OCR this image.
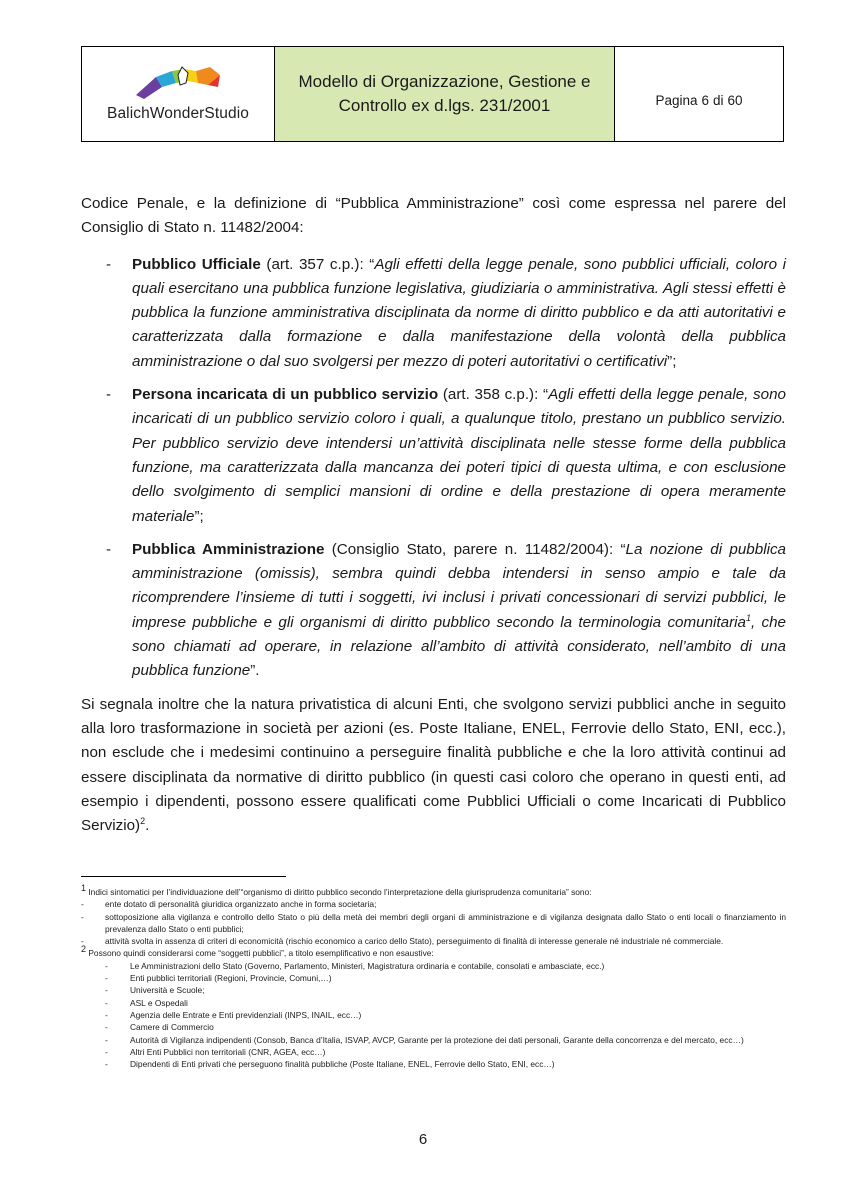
BalichWonderStudio
Modello di Organizzazione, Gestione e
Controllo ex d.lgs. 231/2001	Pagina 6 di 60

Codice Penale, e la definizione di “Pubblica Amministrazione” così come espressa nel parere del Consiglio di Stato n. 11482/2004:

- Pubblico Ufficiale (art. 357 c.p.): “Agli effetti della legge penale, sono pubblici ufficiali, coloro i quali esercitano una pubblica funzione legislativa, giudiziaria o amministrativa. Agli stessi effetti è pubblica la funzione amministrativa disciplinata da norme di diritto pubblico e da atti autoritativi e caratterizzata dalla formazione e dalla manifestazione della volontà della pubblica amministrazione o dal suo svolgersi per mezzo di poteri autoritativi o certificativi”;
- Persona incaricata di un pubblico servizio (art. 358 c.p.): “Agli effetti della legge penale, sono incaricati di un pubblico servizio coloro i quali, a qualunque titolo, prestano un pubblico servizio. Per pubblico servizio deve intendersi un’attività disciplinata nelle stesse forme della pubblica funzione, ma caratterizzata dalla mancanza dei poteri tipici di questa ultima, e con esclusione dello svolgimento di semplici mansioni di ordine e della prestazione di opera meramente materiale”;
- Pubblica Amministrazione (Consiglio Stato, parere n. 11482/2004): “La nozione di pubblica amministrazione (omissis), sembra quindi debba intendersi in senso ampio e tale da ricomprendere l’insieme di tutti i soggetti, ivi inclusi i privati concessionari di servizi pubblici, le imprese pubbliche e gli organismi di diritto pubblico secondo la terminologia comunitaria$^1$, che sono chiamati ad operare, in relazione all’ambito di attività considerato, nell’ambito di una pubblica funzione”.

Si segnala inoltre che la natura privatistica di alcuni Enti, che svolgono servizi pubblici anche in seguito alla loro trasformazione in società per azioni (es. Poste Italiane, ENEL, Ferrovie dello Stato, ENI, ecc.), non esclude che i medesimi continuino a perseguire finalità pubbliche e che la loro attività continui ad essere disciplinata da normative di diritto pubblico (in questi casi coloro che operano in questi enti, ad esempio i dipendenti, possono essere qualificati come Pubblici Ufficiali o come Incaricati di Pubblico Servizio)$^2$.

$^1$ Indici sintomatici per l’individuazione dell’“organismo di diritto pubblico secondo l’interpretazione della giurisprudenza comunitaria” sono:
-	ente dotato di personalità giuridica organizzato anche in forma societaria;
-	sottoposizione alla vigilanza e controllo dello Stato o più della metà dei membri degli organi di amministrazione e di vigilanza designata dallo Stato o enti locali o finanziamento in prevalenza dallo Stato o enti pubblici;
-	attività svolta in assenza di criteri di economicità (rischio economico a carico dello Stato), perseguimento di finalità di interesse generale né industriale né commerciale.
$^2$ Possono quindi considerarsi come “soggetti pubblici”, a titolo esemplificativo e non esaustive:
-	Le Amministrazioni dello Stato (Governo, Parlamento, Ministeri, Magistratura ordinaria e contabile, consolati e ambasciate, ecc.)
-	Enti pubblici territoriali (Regioni, Provincie, Comuni,…)
-	Università e Scuole;
-	ASL e Ospedali
-	Agenzia delle Entrate e Enti previdenziali (INPS, INAIL, ecc…)
-	Camere di Commercio
-	Autorità di Vigilanza indipendenti (Consob, Banca d’Italia, ISVAP, AVCP, Garante per la protezione dei dati personali, Garante della concorrenza e del mercato, ecc…)
-	Altri Enti Pubblici non territoriali (CNR, AGEA, ecc…)
-	Dipendenti di Enti privati che perseguono finalità pubbliche (Poste Italiane, ENEL, Ferrovie dello Stato, ENI, ecc…)
6
